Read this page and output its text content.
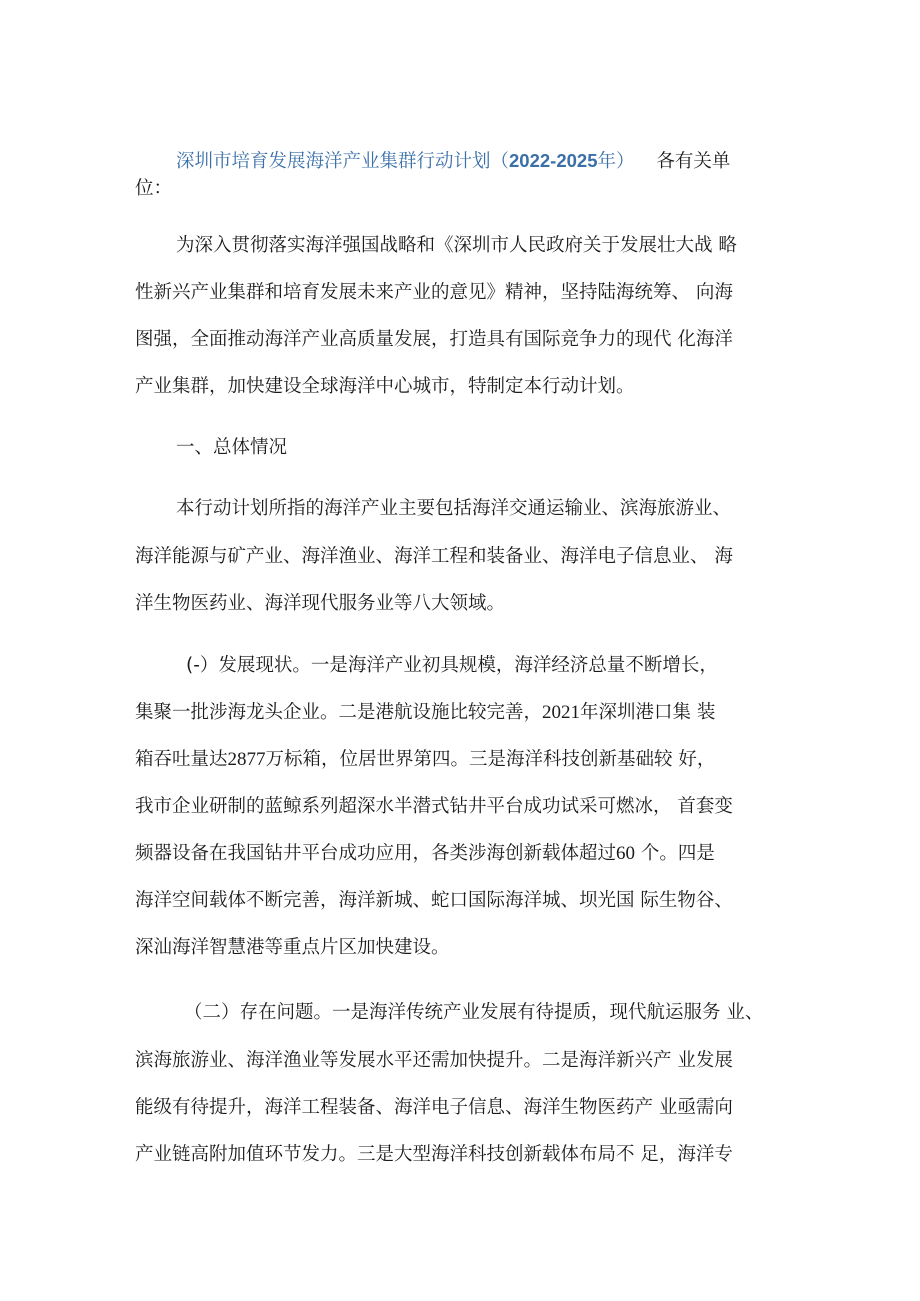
深圳市培育发展海洋产业集群行动计划（2022-2025年） 各有关单
位：
为深入贯彻落实海洋强国战略和《深圳市人民政府关于发展壮大战 略
性新兴产业集群和培育发展未来产业的意见》精神，坚持陆海统筹、 向海
图强，全面推动海洋产业高质量发展，打造具有国际竞争力的现代 化海洋
产业集群，加快建设全球海洋中心城市，特制定本行动计划。
一、总体情况
本行动计划所指的海洋产业主要包括海洋交通运输业、滨海旅游业、
海洋能源与矿产业、海洋渔业、海洋工程和装备业、海洋电子信息业、 海
洋生物医药业、海洋现代服务业等八大领域。
(-）发展现状。一是海洋产业初具规模，海洋经济总量不断增长，
集聚一批涉海龙头企业。二是港航设施比较完善，2021年深圳港口集 装
箱吞吐量达2877万标箱，位居世界第四。三是海洋科技创新基础较 好，
我市企业研制的蓝鲸系列超深水半潜式钻井平台成功试采可燃冰， 首套变
频器设备在我国钻井平台成功应用，各类涉海创新载体超过60 个。四是
海洋空间载体不断完善，海洋新城、蛇口国际海洋城、坝光国 际生物谷、
深汕海洋智慧港等重点片区加快建设。
（二）存在问题。一是海洋传统产业发展有待提质，现代航运服务 业、
滨海旅游业、海洋渔业等发展水平还需加快提升。二是海洋新兴产 业发展
能级有待提升，海洋工程装备、海洋电子信息、海洋生物医药产 业亟需向
产业链高附加值环节发力。三是大型海洋科技创新载体布局不 足，海洋专
